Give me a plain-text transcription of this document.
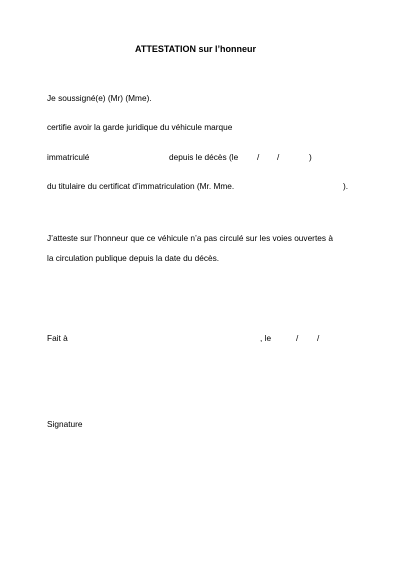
ATTESTATION sur l’honneur
Je soussigné(e) (Mr) (Mme).
certifie avoir la garde juridique du véhicule marque
immatriculé	depuis le décès (le / /	)
du titulaire du certificat d’immatriculation (Mr. Mme.	).
J’atteste sur l’honneur que ce véhicule n’a pas circulé sur les voies ouvertes à
la circulation publique depuis la date du décès.
Fait à	, le	/ /
Signature
